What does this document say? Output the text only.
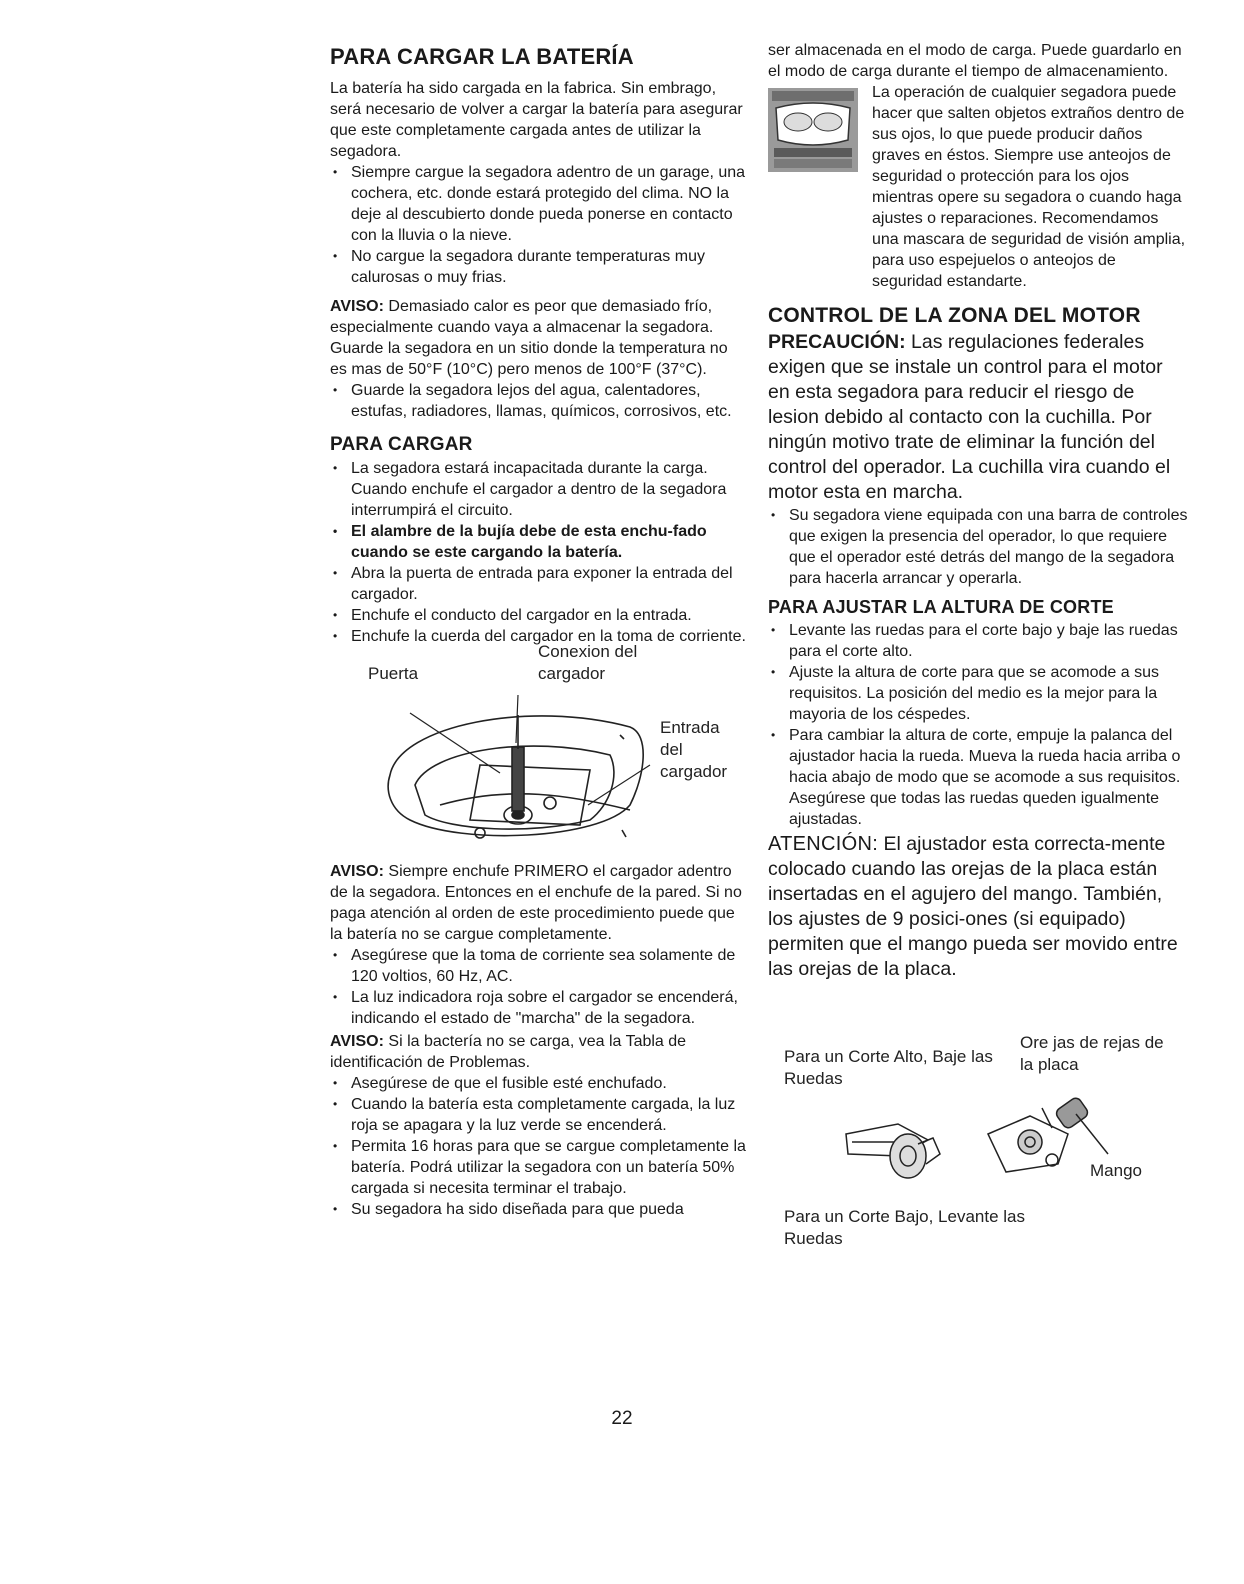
PARA CARGAR LA BATERÍA

La batería ha sido cargada en la fabrica. Sin embrago, será necesario de volver a cargar la batería para asegurar que este completamente cargada antes de utilizar la segadora.

• Siempre cargue la segadora adentro de un garage, una cochera, etc. donde estará protegido del clima. NO la deje al descubierto donde pueda ponerse en contacto con la lluvia o la nieve.
• No cargue la segadora durante temperaturas muy calurosas o muy frias.

AVISO: Demasiado calor es peor que demasiado frío, especialmente cuando vaya a almacenar la segadora. Guarde la segadora en un sitio donde la temperatura no es mas de 50°F (10°C) pero menos de 100°F (37°C).

• Guarde la segadora lejos del agua, calentadores, estufas, radiadores, llamas, químicos, corrosivos, etc.
PARA CARGAR
• La segadora estará incapacitada durante la carga. Cuando enchufe el cargador a dentro de la segadora interrumpirá el circuito.
• El alambre de la bujía debe de esta enchu-fado cuando se este cargando la batería.
• Abra la puerta de entrada para exponer la entrada del cargador.
• Enchufe el conducto del cargador en la entrada.
• Enchufe la cuerda del cargador en la toma de corriente.
Conexion del cargador
Puerta
Entrada del cargador

AVISO: Siempre enchufe PRIMERO el cargador adentro de la segadora. Entonces en el enchufe de la pared. Si no paga atención al orden de este procedimiento puede que la batería no se cargue completamente.

• Asegúrese que la toma de corriente sea solamente de 120 voltios, 60 Hz, AC.
• La luz indicadora roja sobre el cargador se encenderá, indicando el estado de "marcha" de la segadora.

AVISO: Si la bactería no se carga, vea la Tabla de identificación de Problemas.

• Asegúrese de que el fusible esté enchufado.
• Cuando la batería esta completamente cargada, la luz roja se apagara y la luz verde se encenderá.
• Permita 16 horas para que se cargue completamente la batería. Podrá utilizar la segadora con un batería 50% cargada si necesita terminar el trabajo.
• Su segadora ha sido diseñada para que pueda

ser almacenada en el modo de carga. Puede guardarlo en el modo de carga durante el tiempo de almacenamiento.

La operación de cualquier segadora puede hacer que salten objetos extraños dentro de sus ojos, lo que puede producir daños graves en éstos. Siempre use anteojos de seguridad o protección para los ojos mientras opere su segadora o cuando haga ajustes o reparaciones. Recomendamos una mascara de seguridad de visión amplia, para uso espejuelos o anteojos de seguridad estandarte.

CONTROL DE LA ZONA DEL MOTOR

PRECAUCIÓN: Las regulaciones federales exigen que se instale un control para el motor en esta segadora para reducir el riesgo de lesion debido al contacto con la cuchilla. Por ningún motivo trate de eliminar la función del control del operador. La cuchilla vira cuando el motor esta en marcha.

• Su segadora viene equipada con una barra de controles que exigen la presencia del operador, lo que requiere que el operador esté detrás del mango de la segadora para hacerla arrancar y operarla.
PARA AJUSTAR LA ALTURA DE CORTE
• Levante las ruedas para el corte bajo y baje las ruedas para el corte alto.
• Ajuste la altura de corte para que se acomode a sus requisitos. La posición del medio es la mejor para la mayoria de los céspedes.
• Para cambiar la altura de corte, empuje la palanca del ajustador hacia la rueda. Mueva la rueda hacia arriba o hacia abajo de modo que se acomode a sus requisitos. Asegúrese que todas las ruedas queden igualmente ajustadas.

ATENCIÓN: El ajustador esta correcta-mente colocado cuando las orejas de la placa están insertadas en el agujero del mango. También, los ajustes de 9 posici-ones (si equipado) permiten que el mango pueda ser movido entre las orejas de la placa.

Para un Corte Alto, Baje las Ruedas
Ore jas de rejas de la placa
Mango
Para un Corte Bajo, Levante las Ruedas
22
